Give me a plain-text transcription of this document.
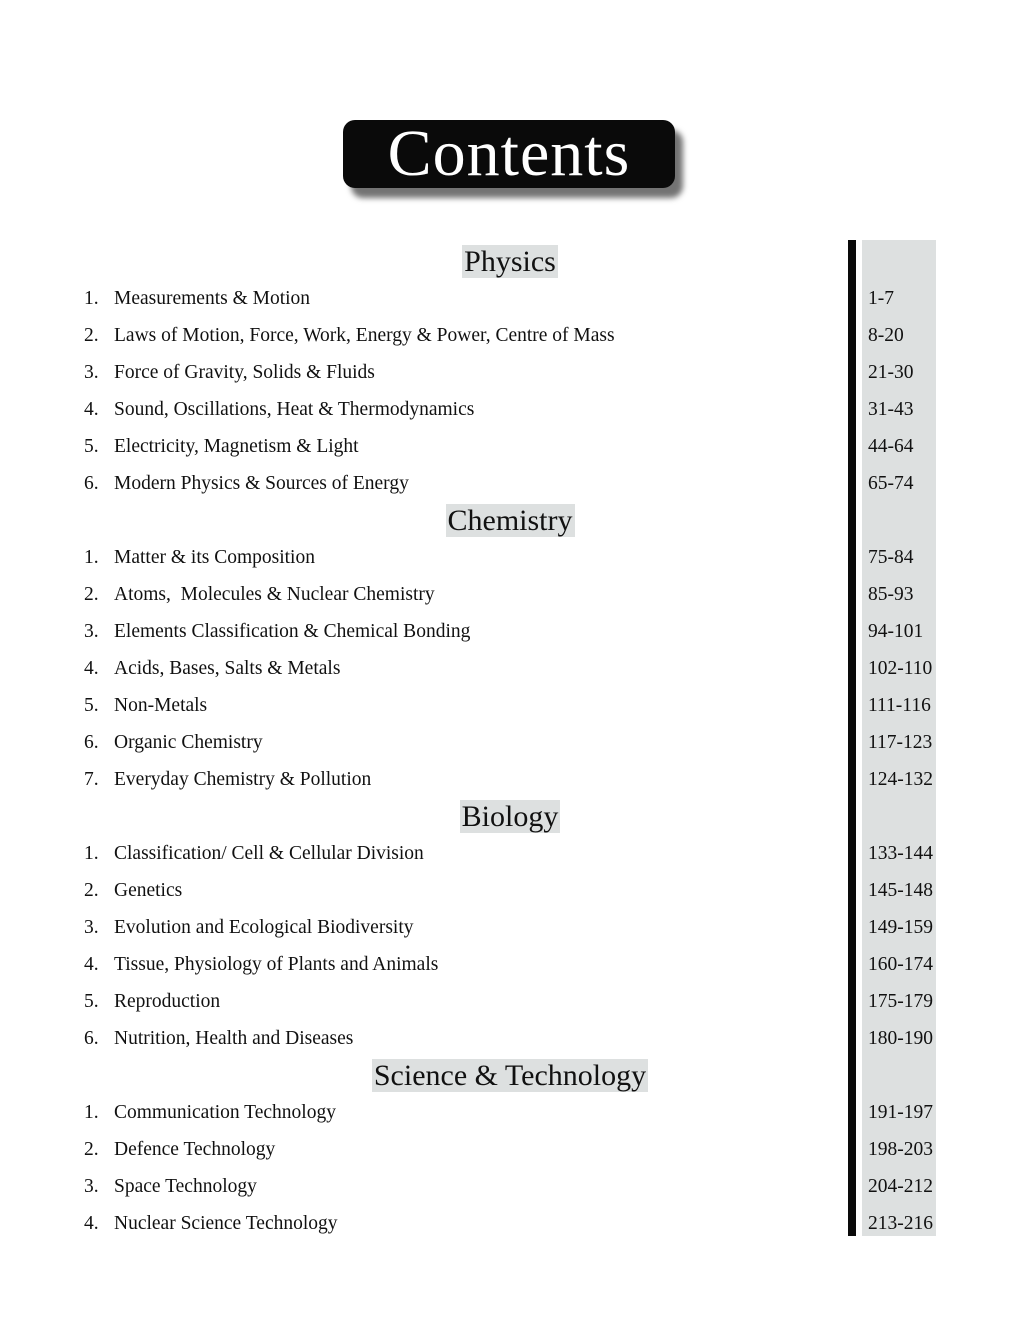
Contents
Physics
1. Measurements & Motion	1-7
2. Laws of Motion, Force, Work, Energy & Power, Centre of Mass	8-20
3. Force of Gravity, Solids & Fluids	21-30
4. Sound, Oscillations, Heat & Thermodynamics	31-43
5. Electricity, Magnetism & Light	44-64
6. Modern Physics & Sources of Energy	65-74
Chemistry
1. Matter & its Composition	75-84
2. Atoms,  Molecules & Nuclear Chemistry	85-93
3. Elements Classification & Chemical Bonding	94-101
4. Acids, Bases, Salts & Metals	102-110
5. Non-Metals	111-116
6. Organic Chemistry	117-123
7. Everyday Chemistry & Pollution	124-132
Biology
1. Classification/ Cell & Cellular Division	133-144
2. Genetics	145-148
3. Evolution and Ecological Biodiversity	149-159
4. Tissue, Physiology of Plants and Animals	160-174
5. Reproduction	175-179
6. Nutrition, Health and Diseases	180-190
Science & Technology
1. Communication Technology	191-197
2. Defence Technology	198-203
3. Space Technology	204-212
4. Nuclear Science Technology	213-216
